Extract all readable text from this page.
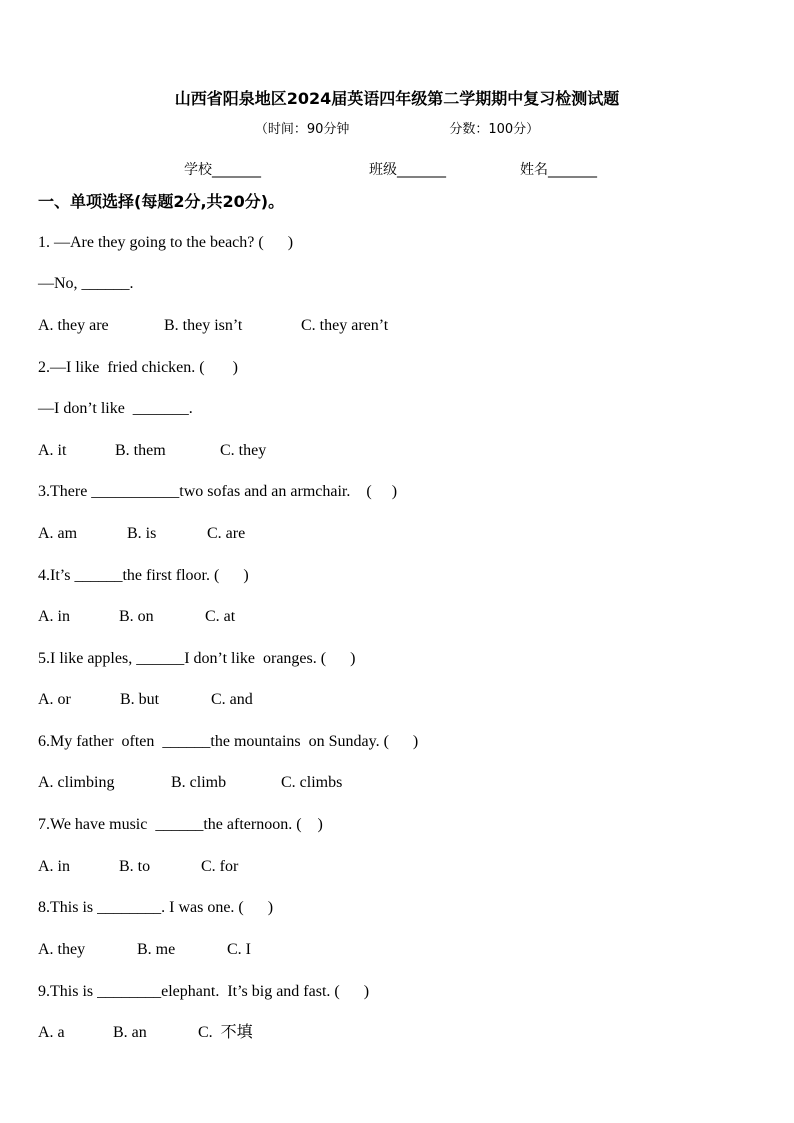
山西省阳泉地区2024届英语四年级第二学期期中复习检测试题
（时间：90分钟	分数：100分）
学校_______	班级_______	姓名_______
一、单项选择(每题2分,共20分)。
1. —Are they going to the beach? (      )
—No, ______.
A. they are	B. they isn’t	C. they aren’t
2.—I like  fried chicken. (       )
—I don’t like  _______.
A. it	B. them	C. they
3.There ___________two sofas and an armchair.    (     )
A. am	B. is	C. are
4.It’s ______the first floor. (      )
A. in	B. on	C. at
5.I like apples, ______I don’t like  oranges. (      )
A. or	B. but	C. and
6.My father  often  ______the mountains  on Sunday. (      )
A. climbing	B. climb	C. climbs
7.We have music  ______the afternoon. (    )
A. in	B. to	C. for
8.This is ________. I was one. (      )
A. they	B. me	C. I
9.This is ________elephant.  It’s big and fast. (      )
A. a	B. an	C.  不填
